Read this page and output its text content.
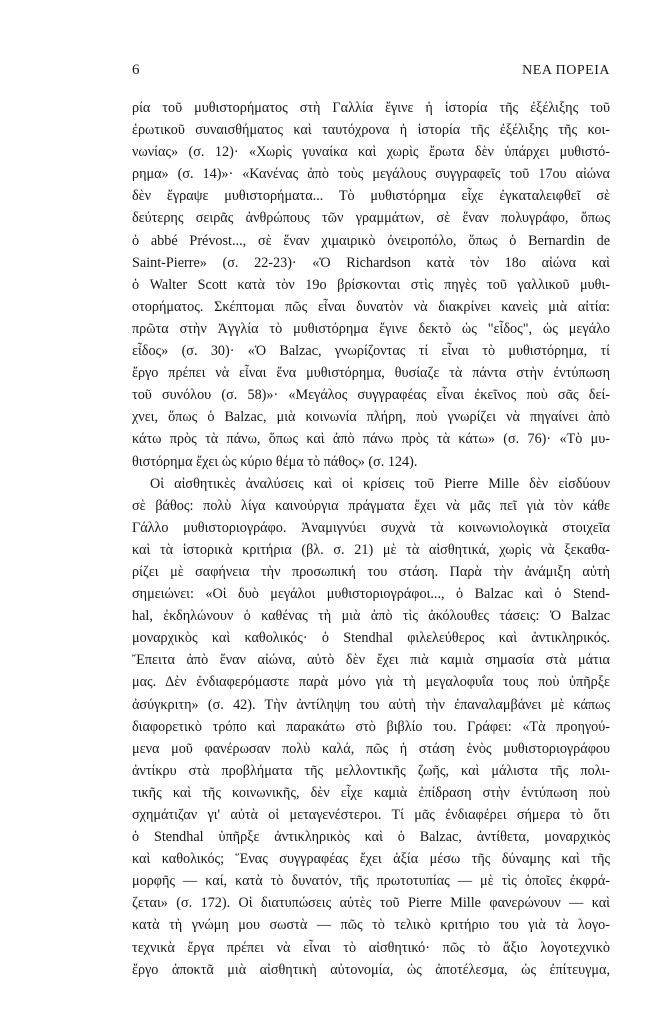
6	ΝΕΑ ΠΟΡΕΙΑ
ρία τοῦ μυθιστορήματος στὴ Γαλλία ἔγινε ἡ ἱστορία τῆς ἐξέλιξης τοῦ
ἐρωτικοῦ συναισθήματος καὶ ταυτόχρονα ἡ ἱστορία τῆς ἐξέλιξης τῆς κοι-
νωνίας» (σ. 12)· «Χωρὶς γυναίκα καὶ χωρὶς ἔρωτα δὲν ὑπάρχει μυθιστό-
ρημα» (σ. 14)»· «Κανένας ἀπὸ τοὺς μεγάλους συγγραφεῖς τοῦ 17ου αἰώνα
δὲν ἔγραψε μυθιστορήματα... Τὸ μυθιστόρημα εἶχε ἐγκαταλειφθεῖ σὲ
δεύτερης σειρᾶς ἀνθρώπους τῶν γραμμάτων, σὲ ἕναν πολυγράφο, ὅπως
ὁ abbé Prévost..., σὲ ἕναν χιμαιρικὸ ὀνειροπόλο, ὅπως ὁ Bernardin de
Saint-Pierre» (σ. 22-23)· «Ὁ Richardson κατὰ τὸν 18ο αἰώνα καὶ
ὁ Walter Scott κατὰ τὸν 19ο βρίσκονται στὶς πηγὲς τοῦ γαλλικοῦ μυθι-
οτορήματος. Σκέπτομαι πῶς εἶναι δυνατὸν νὰ διακρίνει κανεὶς μιὰ αἰτία:
πρῶτα στὴν Ἀγγλία τὸ μυθιστόρημα ἔγινε δεκτὸ ὡς "εἶδος", ὡς μεγάλο
εἶδος» (σ. 30)· «Ὁ Balzac, γνωρίζοντας τί εἶναι τὸ μυθιστόρημα, τί
ἔργο πρέπει νὰ εἶναι ἕνα μυθιστόρημα, θυσίαζε τὰ πάντα στὴν ἐντύπωση
τοῦ συνόλου (σ. 58)»· «Μεγάλος συγγραφέας εἶναι ἐκεῖνος ποὺ σᾶς δεί-
χνει, ὅπως ὁ Balzac, μιὰ κοινωνία πλήρη, ποὺ γνωρίζει νὰ πηγαίνει ἀπὸ
κάτω πρὸς τὰ πάνω, ὅπως καὶ ἀπὸ πάνω πρὸς τὰ κάτω» (σ. 76)· «Τὸ μυ-
θιστόρημα ἔχει ὡς κύριο θέμα τὸ πάθος» (σ. 124).
Οἱ αἰσθητικὲς ἀναλύσεις καὶ οἱ κρίσεις τοῦ Pierre Mille δὲν εἰσδύουν
σὲ βάθος: πολὺ λίγα καινούργια πράγματα ἔχει νὰ μᾶς πεῖ γιὰ τὸν κάθε
Γάλλο μυθιστοριογράφο. Ἀναμιγνύει συχνὰ τὰ κοινωνιολογικὰ στοιχεῖα
καὶ τὰ ἱστορικὰ κριτήρια (βλ. σ. 21) μὲ τὰ αἰσθητικά, χωρὶς νὰ ξεκαθα-
ρίζει μὲ σαφήνεια τὴν προσωπική του στάση. Παρὰ τὴν ἀνάμιξη αὐτὴ
σημειώνει: «Οἱ δυὸ μεγάλοι μυθιστοριογράφοι..., ὁ Balzac καὶ ὁ Stend-
hal, ἐκδηλώνουν ὁ καθένας τὴ μιὰ ἀπὸ τὶς ἀκόλουθες τάσεις: Ὁ Balzac
μοναρχικὸς καὶ καθολικός· ὁ Stendhal φιλελεύθερος καὶ ἀντικληρικός.
Ἔπειτα ἀπὸ ἕναν αἰώνα, αὐτὸ δὲν ἔχει πιὰ καμιὰ σημασία στὰ μάτια
μας. Δὲν ἐνδιαφερόμαστε παρὰ μόνο γιὰ τὴ μεγαλοφυΐα τους ποὺ ὑπῆρξε
ἀσύγκριτη» (σ. 42). Τὴν ἀντίληψη του αὐτὴ τὴν ἐπαναλαμβάνει μὲ κάπως
διαφορετικὸ τρόπο καὶ παρακάτω στὸ βιβλίο του. Γράφει: «Τὰ προηγού-
μενα μοῦ φανέρωσαν πολὺ καλά, πῶς ἡ στάση ἑνὸς μυθιστοριογράφου
ἀντίκρυ στὰ προβλήματα τῆς μελλοντικῆς ζωῆς, καὶ μάλιστα τῆς πολι-
τικῆς καὶ τῆς κοινωνικῆς, δὲν εἶχε καμιὰ ἐπίδραση στὴν ἐντύπωση ποὺ
σχημάτιζαν γι' αὐτὰ οἱ μεταγενέστεροι. Τί μᾶς ἐνδιαφέρει σήμερα τὸ ὅτι
ὁ Stendhal ὑπῆρξε ἀντικληρικὸς καὶ ὁ Balzac, ἀντίθετα, μοναρχικὸς
καὶ καθολικός; Ἕνας συγγραφέας ἔχει ἀξία μέσω τῆς δύναμης καὶ τῆς
μορφῆς — καί, κατὰ τὸ δυνατόν, τῆς πρωτοτυπίας — μὲ τὶς ὁποῖες ἐκφρά-
ζεται» (σ. 172). Οἱ διατυπώσεις αὐτὲς τοῦ Pierre Mille φανερώνουν — καὶ
κατὰ τὴ γνώμη μου σωστὰ — πῶς τὸ τελικὸ κριτήριο του γιὰ τὰ λογο-
τεχνικὰ ἔργα πρέπει νὰ εἶναι τὸ αἰσθητικό· πῶς τὸ ἄξιο λογοτεχνικὸ
ἔργο ἀποκτᾶ μιὰ αἰσθητικὴ αὐτονομία, ὡς ἀποτέλεσμα, ὡς ἐπίτευγμα,
